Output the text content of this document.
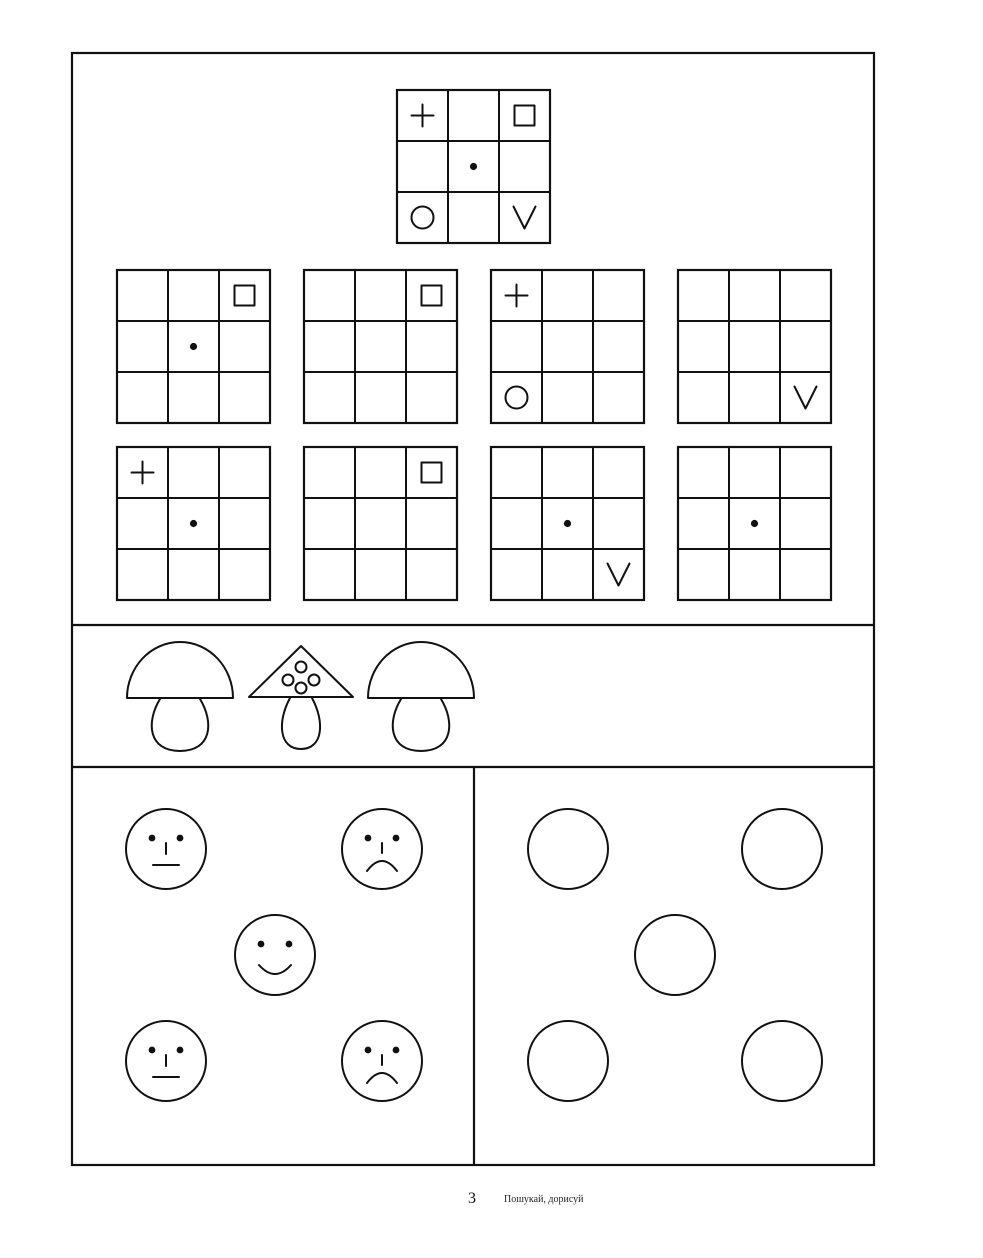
3	Пошукай, дорисуй
